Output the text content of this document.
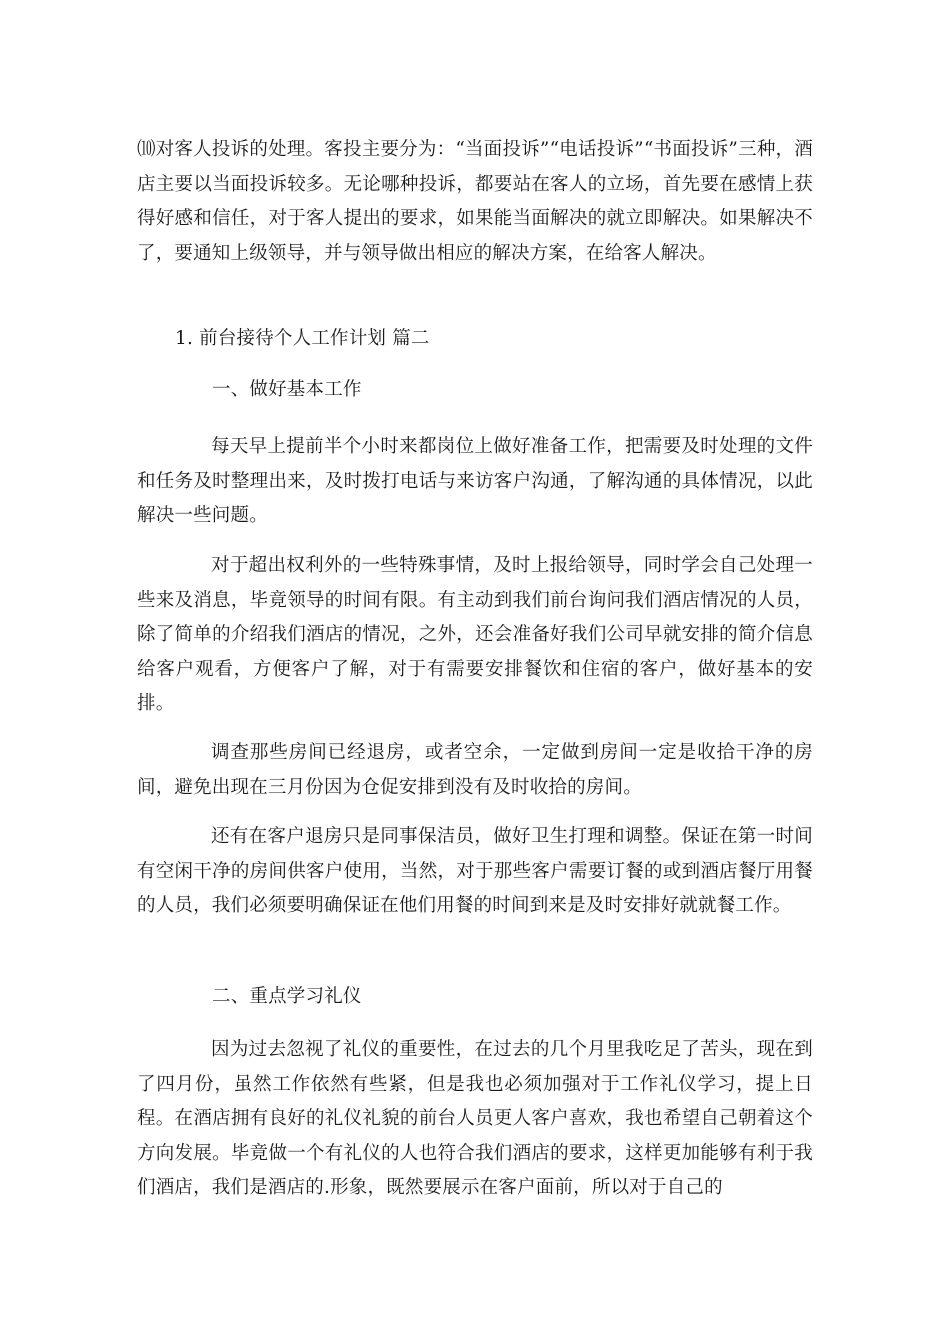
⑽对客人投诉的处理。客投主要分为：“当面投诉”“电话投诉”“书面投诉”三种，酒店主要以当面投诉较多。无论哪种投诉，都要站在客人的立场，首先要在感情上获得好感和信任，对于客人提出的要求，如果能当面解决的就立即解决。如果解决不了，要通知上级领导，并与领导做出相应的解决方案，在给客人解决。

1. 前台接待个人工作计划 篇二

一、做好基本工作

每天早上提前半个小时来都岗位上做好准备工作，把需要及时处理的文件和任务及时整理出来，及时拨打电话与来访客户沟通，了解沟通的具体情况，以此解决一些问题。

对于超出权利外的一些特殊事情，及时上报给领导，同时学会自己处理一些来及消息，毕竟领导的时间有限。有主动到我们前台询问我们酒店情况的人员，除了简单的介绍我们酒店的情况，之外，还会准备好我们公司早就安排的简介信息给客户观看，方便客户了解，对于有需要安排餐饮和住宿的客户，做好基本的安排。

调查那些房间已经退房，或者空余，一定做到房间一定是收拾干净的房间，避免出现在三月份因为仓促安排到没有及时收拾的房间。

还有在客户退房只是同事保洁员，做好卫生打理和调整。保证在第一时间有空闲干净的房间供客户使用，当然，对于那些客户需要订餐的或到酒店餐厅用餐的人员，我们必须要明确保证在他们用餐的时间到来是及时安排好就就餐工作。

二、重点学习礼仪

因为过去忽视了礼仪的重要性，在过去的几个月里我吃足了苦头，现在到了四月份，虽然工作依然有些紧，但是我也必须加强对于工作礼仪学习，提上日程。在酒店拥有良好的礼仪礼貌的前台人员更人客户喜欢，我也希望自己朝着这个方向发展。毕竟做一个有礼仪的人也符合我们酒店的要求，这样更加能够有利于我们酒店，我们是酒店的.形象，既然要展示在客户面前，所以对于自己的
